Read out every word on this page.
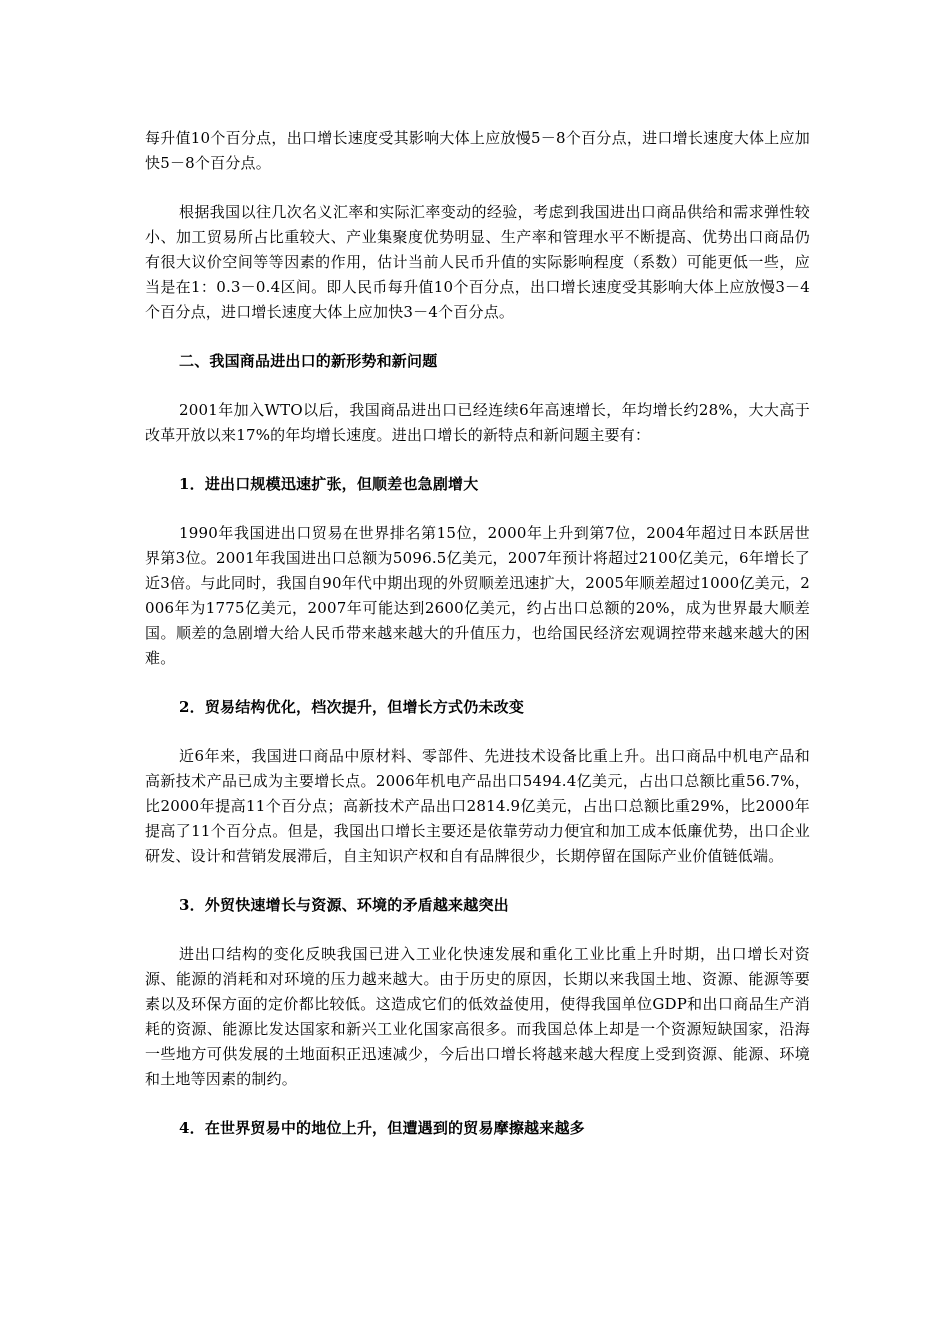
每升值10个百分点，出口增长速度受其影响大体上应放慢5－8个百分点，进口增长速度大体上应加快5－8个百分点。

根据我国以往几次名义汇率和实际汇率变动的经验，考虑到我国进出口商品供给和需求弹性较小、加工贸易所占比重较大、产业集聚度优势明显、生产率和管理水平不断提高、优势出口商品仍有很大议价空间等等因素的作用，估计当前人民币升值的实际影响程度（系数）可能更低一些，应当是在1：0.3－0.4区间。即人民币每升值10个百分点，出口增长速度受其影响大体上应放慢3－4个百分点，进口增长速度大体上应加快3－4个百分点。

二、我国商品进出口的新形势和新问题

2001年加入WTO以后，我国商品进出口已经连续6年高速增长，年均增长约28%，大大高于改革开放以来17%的年均增长速度。进出口增长的新特点和新问题主要有：

1．进出口规模迅速扩张，但顺差也急剧增大

1990年我国进出口贸易在世界排名第15位，2000年上升到第7位，2004年超过日本跃居世界第3位。2001年我国进出口总额为5096.5亿美元，2007年预计将超过2100亿美元，6年增长了近3倍。与此同时，我国自90年代中期出现的外贸顺差迅速扩大，2005年顺差超过1000亿美元，2006年为1775亿美元，2007年可能达到2600亿美元，约占出口总额的20%，成为世界最大顺差国。顺差的急剧增大给人民币带来越来越大的升值压力，也给国民经济宏观调控带来越来越大的困难。

2．贸易结构优化，档次提升，但增长方式仍未改变

近6年来，我国进口商品中原材料、零部件、先进技术设备比重上升。出口商品中机电产品和高新技术产品已成为主要增长点。2006年机电产品出口5494.4亿美元，占出口总额比重56.7%，比2000年提高11个百分点；高新技术产品出口2814.9亿美元，占出口总额比重29%，比2000年提高了11个百分点。但是，我国出口增长主要还是依靠劳动力便宜和加工成本低廉优势，出口企业研发、设计和营销发展滞后，自主知识产权和自有品牌很少，长期停留在国际产业价值链低端。

3．外贸快速增长与资源、环境的矛盾越来越突出

进出口结构的变化反映我国已进入工业化快速发展和重化工业比重上升时期，出口增长对资源、能源的消耗和对环境的压力越来越大。由于历史的原因，长期以来我国土地、资源、能源等要素以及环保方面的定价都比较低。这造成它们的低效益使用，使得我国单位GDP和出口商品生产消耗的资源、能源比发达国家和新兴工业化国家高很多。而我国总体上却是一个资源短缺国家，沿海一些地方可供发展的土地面积正迅速减少，今后出口增长将越来越大程度上受到资源、能源、环境和土地等因素的制约。

4．在世界贸易中的地位上升，但遭遇到的贸易摩擦越来越多
